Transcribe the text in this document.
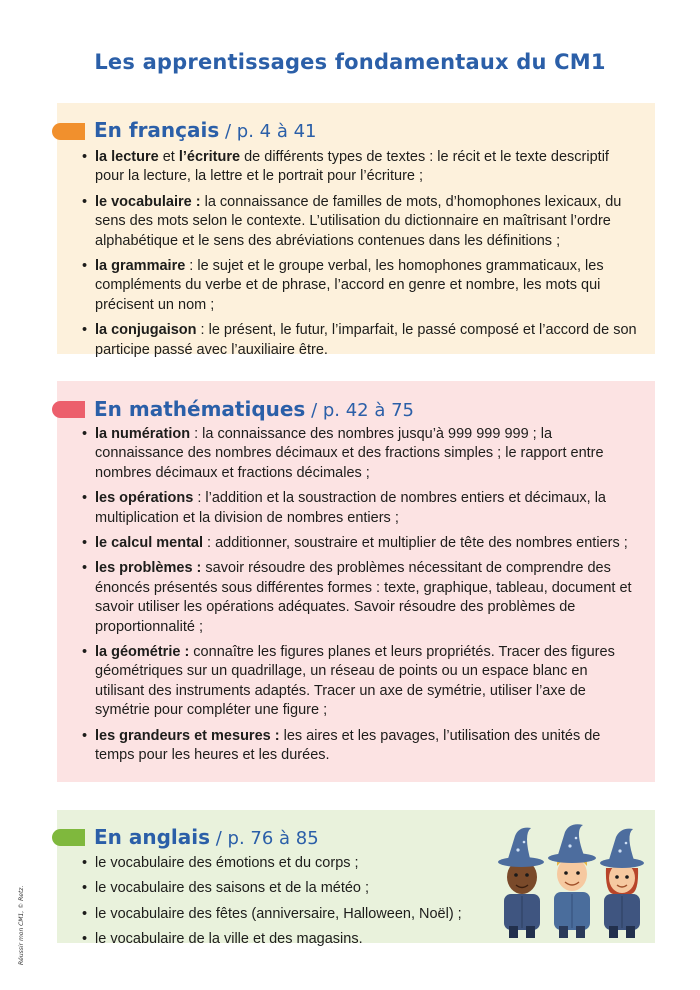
Les apprentissages fondamentaux du CM1
En français / p. 4 à 41
• la lecture et l’écriture de différents types de textes : le récit et le texte descriptif pour la lecture, la lettre et le portrait pour l’écriture ;
• le vocabulaire : la connaissance de familles de mots, d’homophones lexicaux, du sens des mots selon le contexte. L’utilisation du dictionnaire en maîtrisant l’ordre alphabétique et le sens des abréviations contenues dans les définitions ;
• la grammaire : le sujet et le groupe verbal, les homophones grammaticaux, les compléments du verbe et de phrase, l’accord en genre et nombre, les mots qui précisent un nom ;
• la conjugaison : le présent, le futur, l’imparfait, le passé composé et l’accord de son participe passé avec l’auxiliaire être.
En mathématiques / p. 42 à 75
• la numération : la connaissance des nombres jusqu’à 999 999 999 ; la connaissance des nombres décimaux et des fractions simples ; le rapport entre nombres décimaux et fractions décimales ;
• les opérations : l’addition et la soustraction de nombres entiers et décimaux, la multiplication et la division de nombres entiers ;
• le calcul mental : additionner, soustraire et multiplier de tête des nombres entiers ;
• les problèmes : savoir résoudre des problèmes nécessitant de comprendre des énoncés présentés sous différentes formes : texte, graphique, tableau, document et savoir utiliser les opérations adéquates. Savoir résoudre des problèmes de proportionnalité ;
• la géométrie : connaître les figures planes et leurs propriétés. Tracer des figures géométriques sur un quadrillage, un réseau de points ou un espace blanc en utilisant des instruments adaptés. Tracer un axe de symétrie, utiliser l’axe de symétrie pour compléter une figure ;
• les grandeurs et mesures : les aires et les pavages, l’utilisation des unités de temps pour les heures et les durées.
En anglais / p. 76 à 85
• le vocabulaire des émotions et du corps ;
• le vocabulaire des saisons et de la météo ;
• le vocabulaire des fêtes (anniversaire, Halloween, Noël) ;
• le vocabulaire de la ville et des magasins.
Réussir mon CM1, © Retz.
